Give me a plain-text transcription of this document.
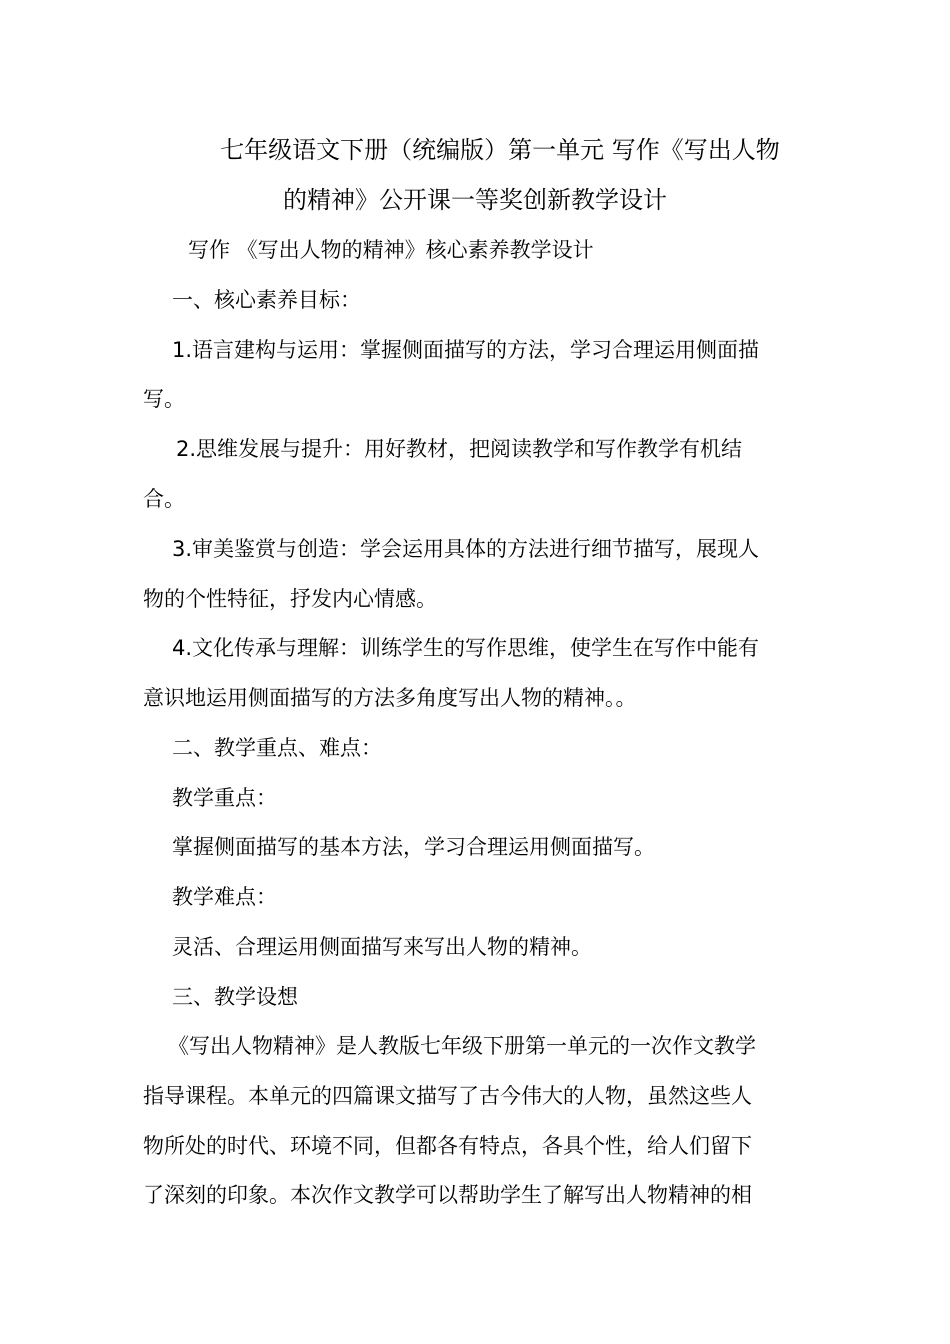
七年级语文下册（统编版）第一单元 写作《写出人物
的精神》公开课一等奖创新教学设计
写作 《写出人物的精神》核心素养教学设计
一、核心素养目标：
1.语言建构与运用：掌握侧面描写的方法，学习合理运用侧面描
写。
2.思维发展与提升：用好教材，把阅读教学和写作教学有机结
合。
3.审美鉴赏与创造：学会运用具体的方法进行细节描写，展现人
物的个性特征，抒发内心情感。
4.文化传承与理解：训练学生的写作思维，使学生在写作中能有
意识地运用侧面描写的方法多角度写出人物的精神。。
二、教学重点、难点：
教学重点：
掌握侧面描写的基本方法，学习合理运用侧面描写。
教学难点：
灵活、合理运用侧面描写来写出人物的精神。
三、教学设想
《写出人物精神》是人教版七年级下册第一单元的一次作文教学
指导课程。本单元的四篇课文描写了古今伟大的人物，虽然这些人
物所处的时代、环境不同，但都各有特点，各具个性，给人们留下
了深刻的印象。本次作文教学可以帮助学生了解写出人物精神的相
